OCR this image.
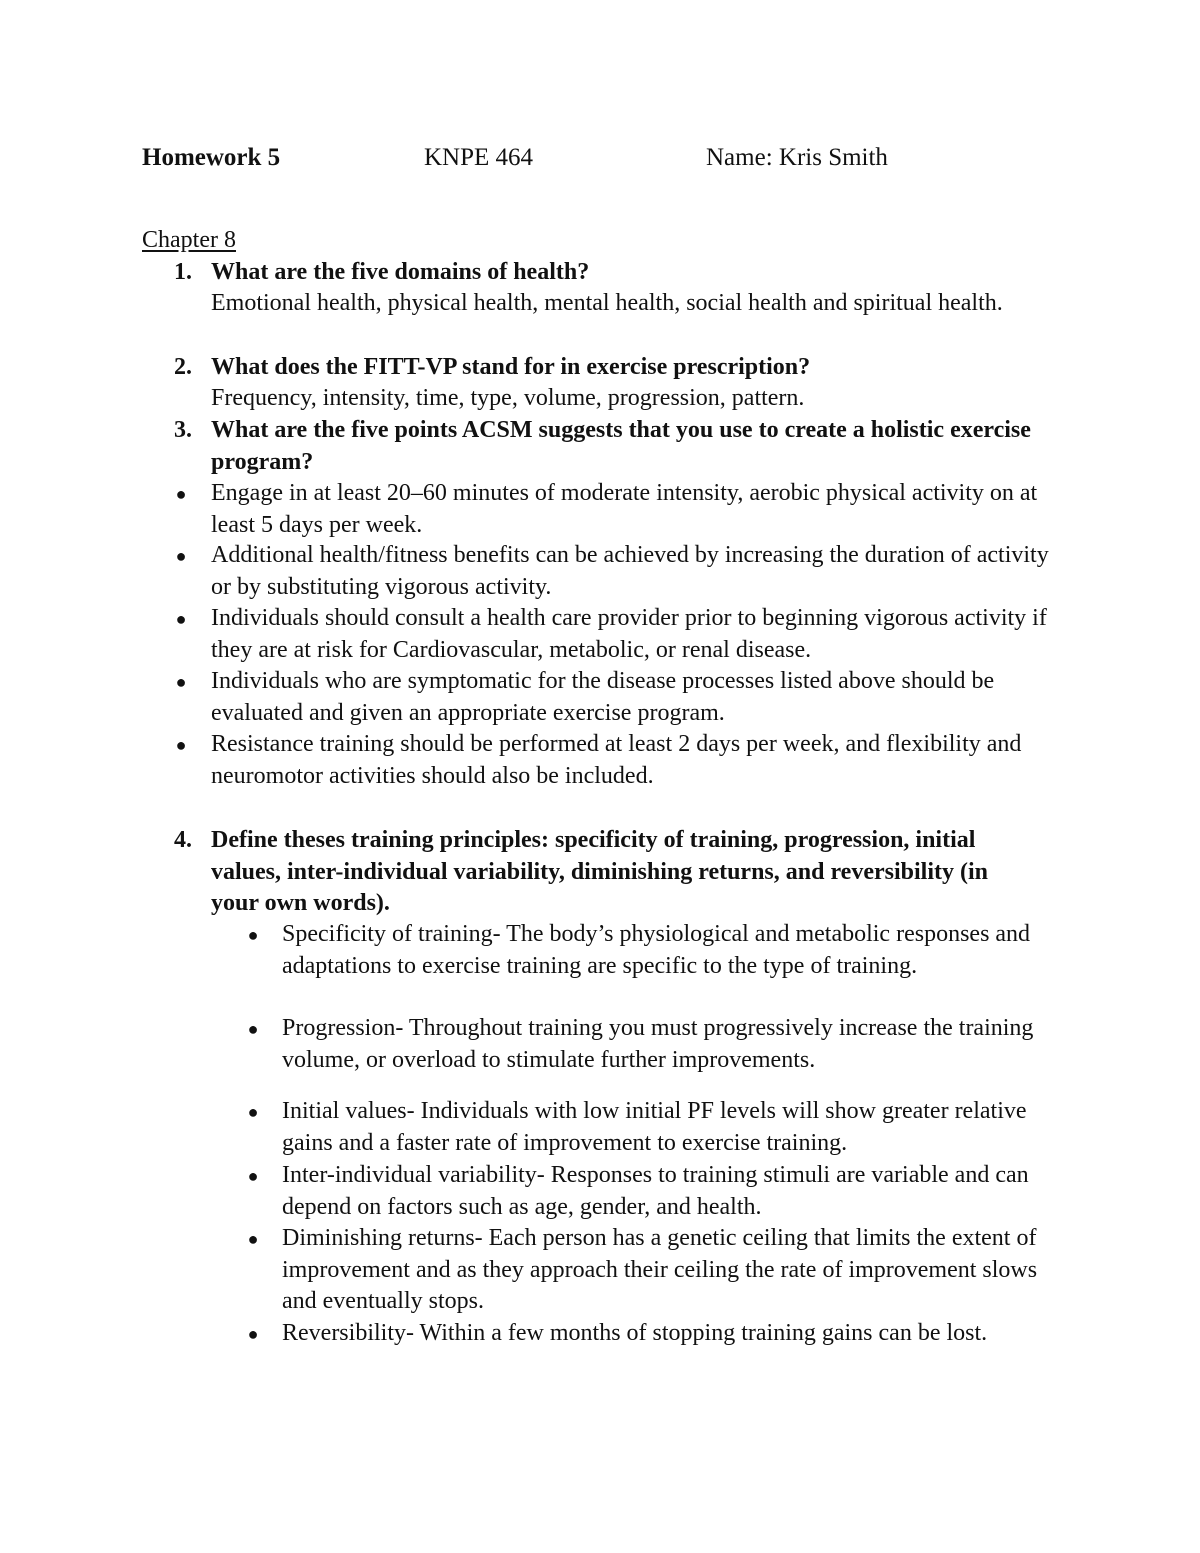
Homework 5	KNPE 464	Name: Kris Smith
Chapter 8
1. What are the five domains of health?
Emotional health, physical health, mental health, social health and spiritual health.
2. What does the FITT-VP stand for in exercise prescription?
Frequency, intensity, time, type, volume, progression, pattern.
3. What are the five points ACSM suggests that you use to create a holistic exercise program?
● Engage in at least 20–60 minutes of moderate intensity, aerobic physical activity on at least 5 days per week.
● Additional health/fitness benefits can be achieved by increasing the duration of activity or by substituting vigorous activity.
● Individuals should consult a health care provider prior to beginning vigorous activity if they are at risk for Cardiovascular, metabolic, or renal disease.
● Individuals who are symptomatic for the disease processes listed above should be evaluated and given an appropriate exercise program.
● Resistance training should be performed at least 2 days per week, and flexibility and neuromotor activities should also be included.
4. Define theses training principles: specificity of training, progression, initial values, inter-individual variability, diminishing returns, and reversibility (in your own words).
● Specificity of training- The body’s physiological and metabolic responses and adaptations to exercise training are specific to the type of training.
● Progression- Throughout training you must progressively increase the training volume, or overload to stimulate further improvements.
● Initial values- Individuals with low initial PF levels will show greater relative gains and a faster rate of improvement to exercise training.
● Inter-individual variability- Responses to training stimuli are variable and can depend on factors such as age, gender, and health.
● Diminishing returns- Each person has a genetic ceiling that limits the extent of improvement and as they approach their ceiling the rate of improvement slows and eventually stops.
● Reversibility- Within a few months of stopping training gains can be lost.
